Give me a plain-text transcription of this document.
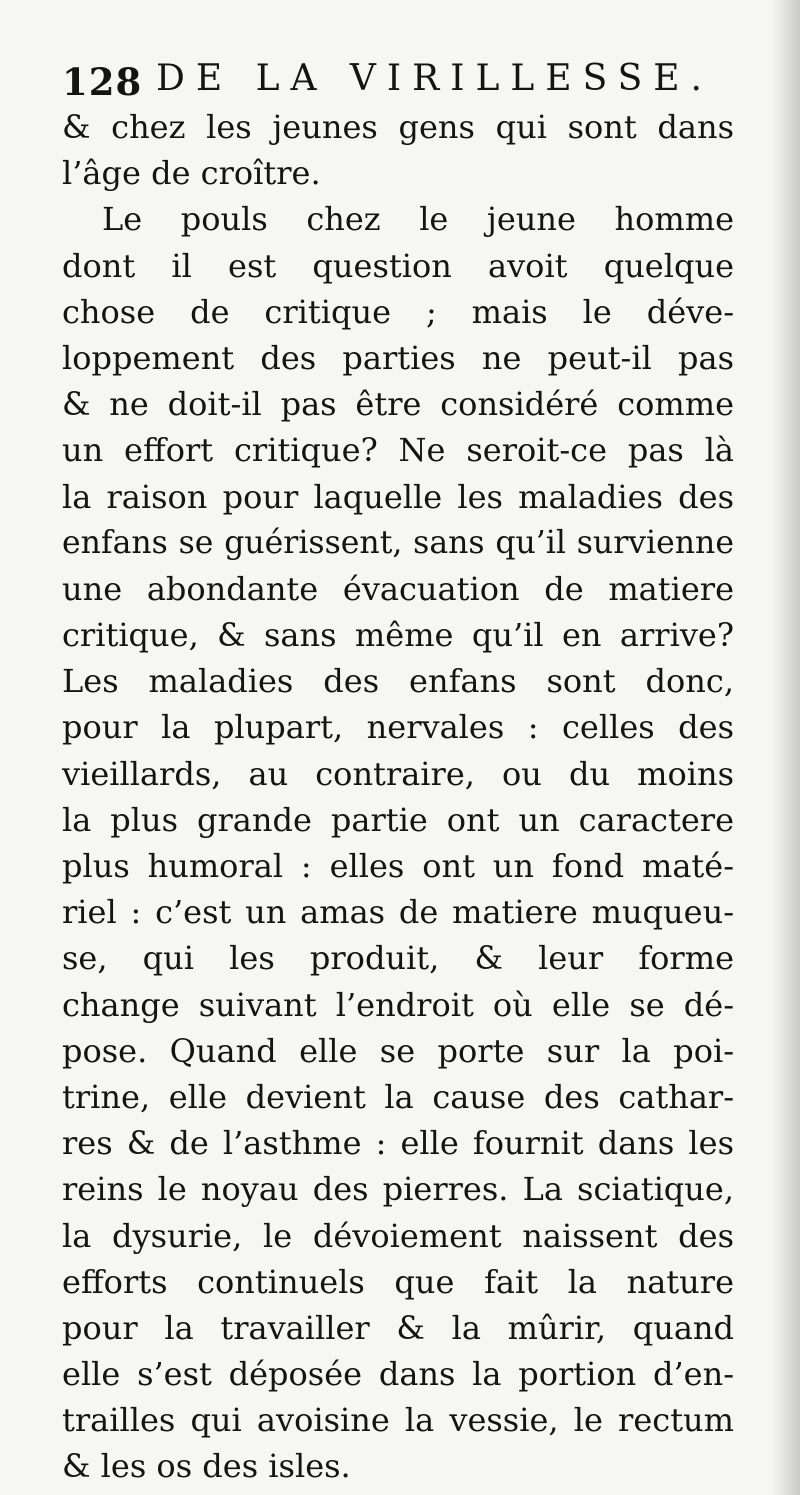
128 DE LA VIRILLESSE.
& chez les jeunes gens qui sont dans
l’âge de croître.
Le pouls chez le jeune homme
dont il est question avoit quelque
chose de critique ; mais le déve-
loppement des parties ne peut-il pas
& ne doit-il pas être considéré comme
un effort critique? Ne seroit-ce pas là
la raison pour laquelle les maladies des
enfans se guérissent, sans qu’il survienne
une abondante évacuation de matiere
critique, & sans même qu’il en arrive?
Les maladies des enfans sont donc,
pour la plupart, nervales : celles des
vieillards, au contraire, ou du moins
la plus grande partie ont un caractere
plus humoral : elles ont un fond maté-
riel : c’est un amas de matiere muqueu-
se, qui les produit, & leur forme
change suivant l’endroit où elle se dé-
pose. Quand elle se porte sur la poi-
trine, elle devient la cause des cathar-
res & de l’asthme : elle fournit dans les
reins le noyau des pierres. La sciatique,
la dysurie, le dévoiement naissent des
efforts continuels que fait la nature
pour la travailler & la mûrir, quand
elle s’est déposée dans la portion d’en-
trailles qui avoisine la vessie, le rectum
& les os des isles.
